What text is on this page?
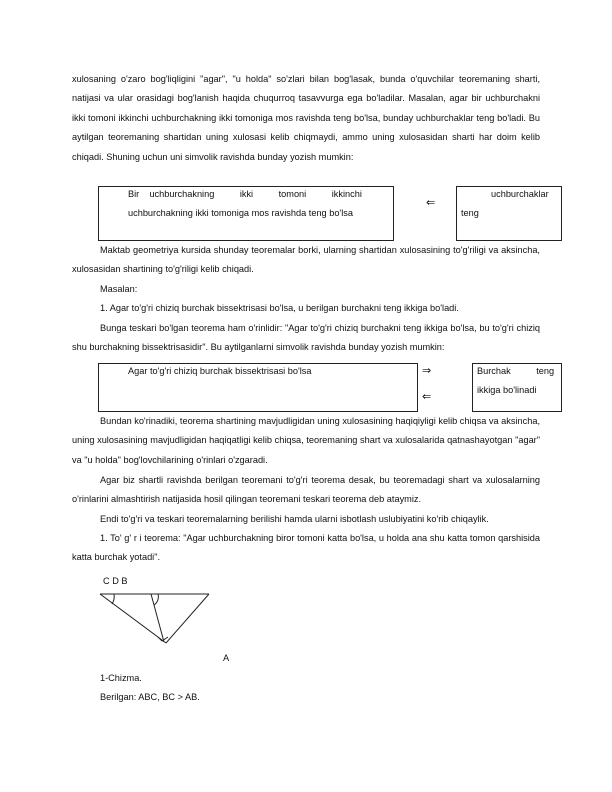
xulosaning o'zaro bog'liqligini "agar", "u holda" so'zlari bilan bog'lasak, bunda o'quvchilar teoremaning sharti, natijasi va ular orasidagi bog'lanish haqida chuqurroq tasavvurga ega bo'ladilar. Masalan, agar bir uchburchakni ikki tomoni ikkinchi uchburchakning ikki tomoniga mos ravishda teng bo'lsa, bunday uchburchaklar teng bo'ladi. Bu aytilgan teoremaning shartidan uning xulosasi kelib chiqmaydi, ammo uning xulosasidan sharti har doim kelib chiqadi. Shuning uchun uni simvolik ravishda bunday yozish mumkin:
Bir    uchburchakning          ikki          tomoni          ikkinchi
uchburchakning ikki tomoniga mos ravishda teng bo'lsa
⇐
uchburchaklar
teng
Maktab geometriya kursida shunday teoremalar borki, ularning shartidan xulosasining to'g'riligi va aksincha, xulosasidan shartining to'g'riligi kelib chiqadi.
Masalan:
1. Agar to'g'ri chiziq burchak bissektrisasi bo'lsa, u berilgan burchakni teng ikkiga bo'ladi.
Bunga teskari bo'lgan teorema ham o'rinlidir: "Agar to'g'ri chiziq burchakni teng ikkiga bo'lsa, bu to'g'ri chiziq shu burchakning bissektrisasidir". Bu aytilganlarni simvolik ravishda bunday yozish mumkin:
Agar to'g'ri chiziq burchak bissektrisasi bo'lsa	⇒
⇐
Burchak          teng
ikkiga bo'linadi
Bundan ko'rinadiki, teorema shartining mavjudligidan uning xulosasining haqiqiyligi kelib chiqsa va aksincha, uning xulosasining mavjudligidan haqiqatligi kelib chiqsa, teoremaning shart va xulosalarida qatnashayotgan "agar" va "u holda" bog'lovchilarining o'rinlari o'zgaradi.
Agar biz shartli ravishda berilgan teoremani to'g'ri teorema desak, bu teoremadagi shart va xulosalarning o'rinlarini almashtirish natijasida hosil qilingan teoremani teskari teorema deb ataymiz.
Endi to'g'ri va teskari teoremalarning berilishi hamda ularni isbotlash uslubiyatini ko'rib chiqaylik.
1. To' g' r i teorema: "Agar uchburchakning biror tomoni katta bo'lsa, u holda ana shu katta tomon qarshisida katta burchak yotadi".
C D B
A
1-Chizma.
Berilgan: ABC, BC > AB.
